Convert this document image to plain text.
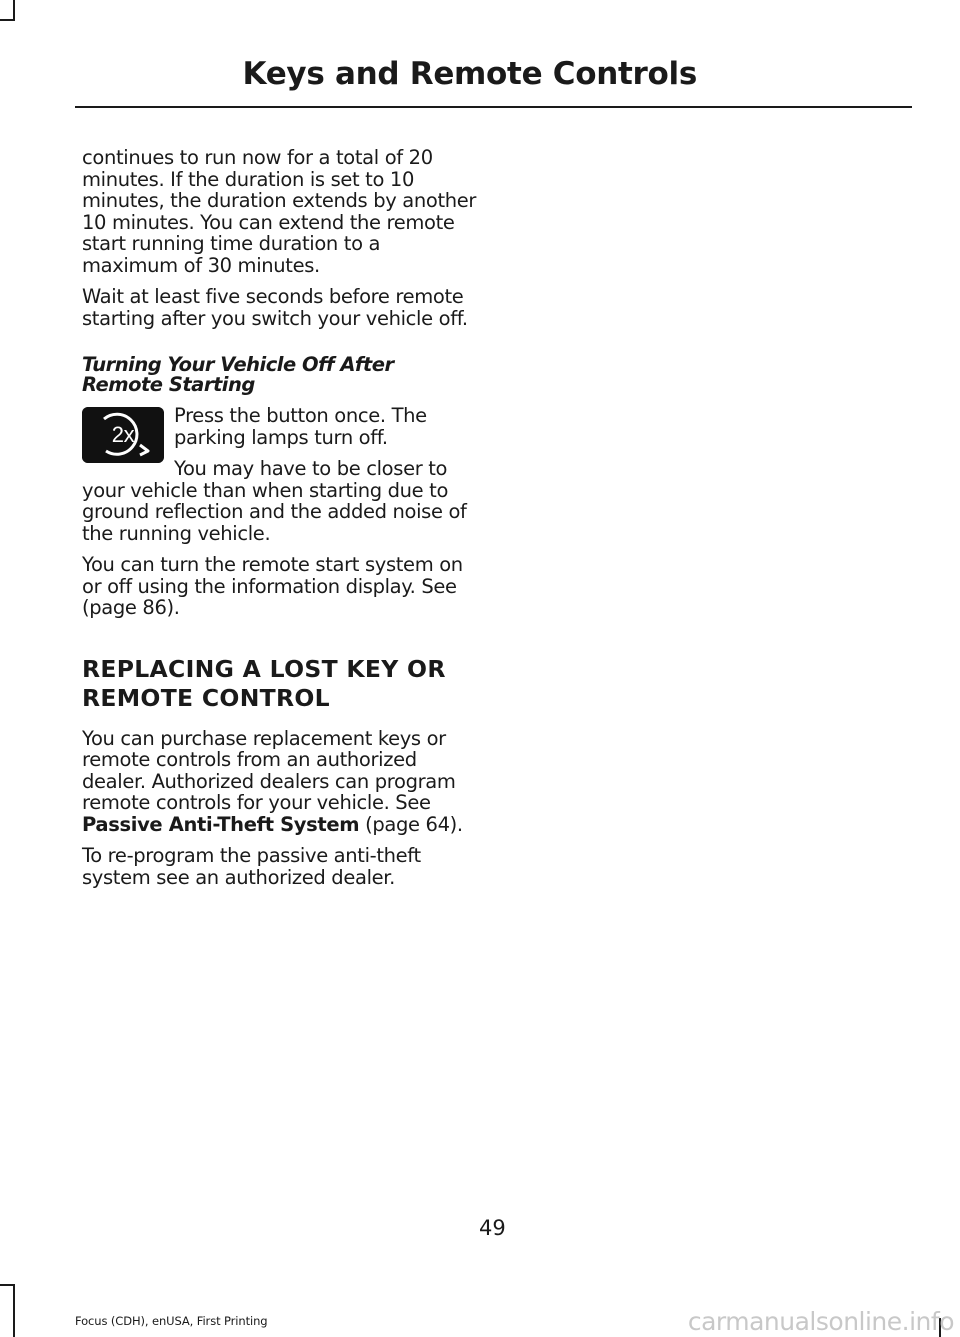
Keys and Remote Controls

continues to run now for a total of 20 minutes. If the duration is set to 10 minutes, the duration extends by another 10 minutes. You can extend the remote start running time duration to a maximum of 30 minutes.

Wait at least five seconds before remote starting after you switch your vehicle off.

Turning Your Vehicle Off After Remote Starting

2x

Press the button once. The parking lamps turn off.

You may have to be closer to your vehicle than when starting due to ground reflection and the added noise of the running vehicle.

You can turn the remote start system on or off using the information display. See (page 86).

REPLACING A LOST KEY OR REMOTE CONTROL

You can purchase replacement keys or remote controls from an authorized dealer. Authorized dealers can program remote controls for your vehicle. See Passive Anti-Theft System (page 64).

To re-program the passive anti-theft system see an authorized dealer.

49
Focus (CDH), enUSA, First Printing	carmanualsonline.info
